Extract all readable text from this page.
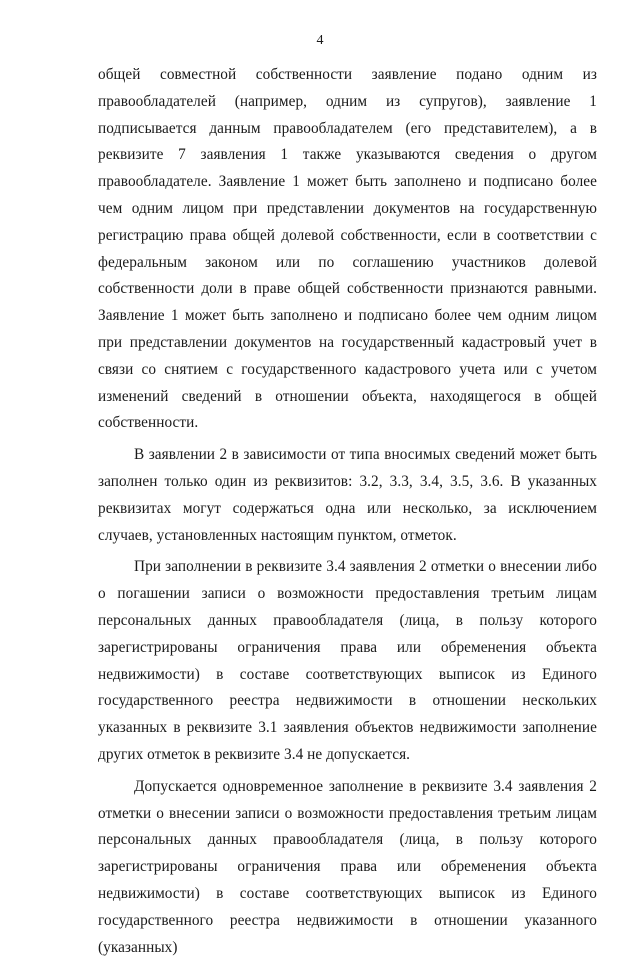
4

общей совместной собственности заявление подано одним из правообладателей (например, одним из супругов), заявление 1 подписывается данным правообладателем (его представителем), а в реквизите 7 заявления 1 также указываются сведения о другом правообладателе. Заявление 1 может быть заполнено и подписано более чем одним лицом при представлении документов на государственную регистрацию права общей долевой собственности, если в соответствии с федеральным законом или по соглашению участников долевой собственности доли в праве общей собственности признаются равными. Заявление 1 может быть заполнено и подписано более чем одним лицом при представлении документов на государственный кадастровый учет в связи со снятием с государственного кадастрового учета или с учетом изменений сведений в отношении объекта, находящегося в общей собственности.

В заявлении 2 в зависимости от типа вносимых сведений может быть заполнен только один из реквизитов: 3.2, 3.3, 3.4, 3.5, 3.6. В указанных реквизитах могут содержаться одна или несколько, за исключением случаев, установленных настоящим пунктом, отметок.

При заполнении в реквизите 3.4 заявления 2 отметки о внесении либо о погашении записи о возможности предоставления третьим лицам персональных данных правообладателя (лица, в пользу которого зарегистрированы ограничения права или обременения объекта недвижимости) в составе соответствующих выписок из Единого государственного реестра недвижимости в отношении нескольких указанных в реквизите 3.1 заявления объектов недвижимости заполнение других отметок в реквизите 3.4 не допускается.

Допускается одновременное заполнение в реквизите 3.4 заявления 2 отметки о внесении записи о возможности предоставления третьим лицам персональных данных правообладателя (лица, в пользу которого зарегистрированы ограничения права или обременения объекта недвижимости) в составе соответствующих выписок из Единого государственного реестра недвижимости в отношении указанного (указанных)
